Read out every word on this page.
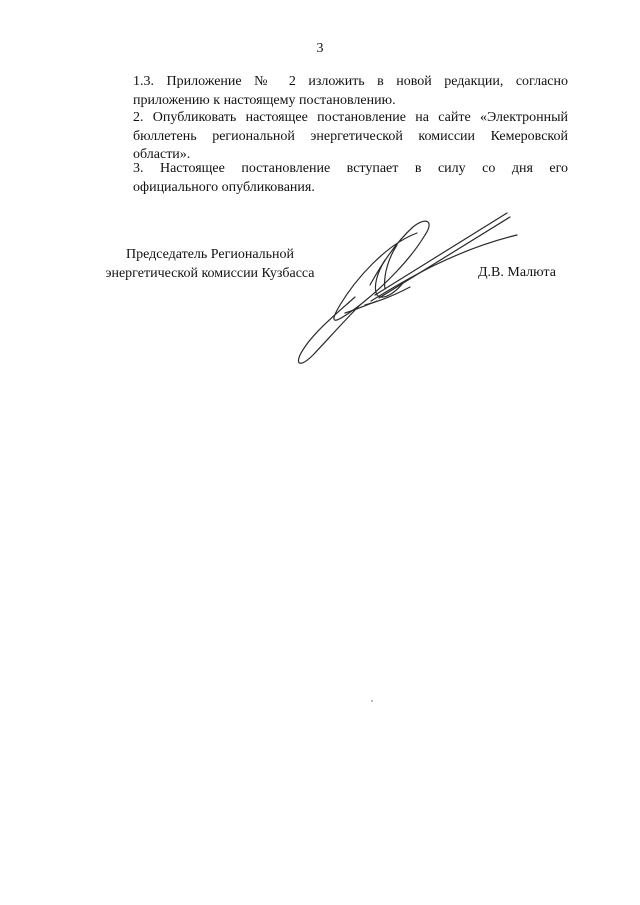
3
1.3. Приложение № 2 изложить в новой редакции, согласно
приложению к настоящему постановлению.
2. Опубликовать настоящее постановление на сайте «Электронный
бюллетень региональной энергетической комиссии Кемеровской
области».
3. Настоящее постановление вступает в силу со дня его
официального опубликования.
Председатель Региональной
энергетической комиссии Кузбасса	Д.В. Малюта
